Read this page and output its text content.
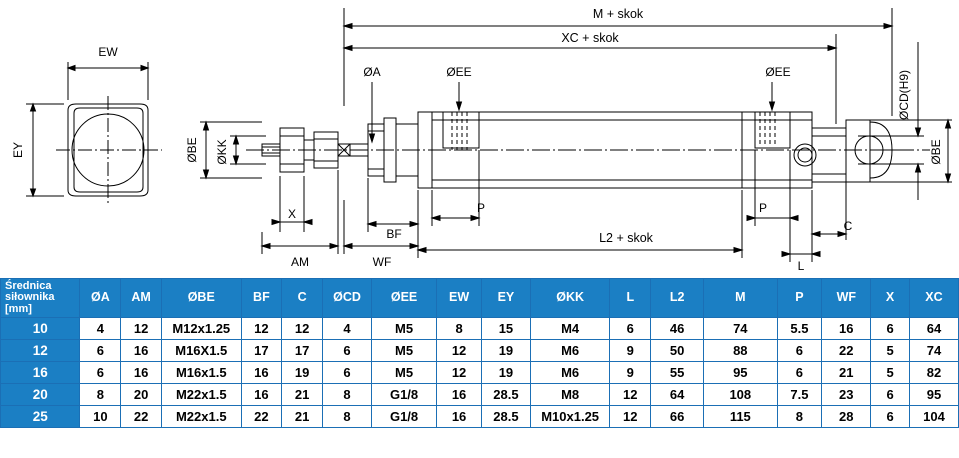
M + skok
XC + skok
ØA	ØEE	ØEE
EW
EY	ØBE ØKK
ØCD(H9)
ØBE
X
AM
BF
WF
P
L2 + skok
P
L
C
Średnica
siłownika
[mm]	ØA	AM	ØBE	BF	C	ØCD	ØEE	EW	EY	ØKK	L	L2	M	P	WF	X	XC
10	4	12	M12x1.25	12	12	4	M5	8	15	M4	6	46	74	5.5	16	6	64
12	6	16	M16X1.5	17	17	6	M5	12	19	M6	9	50	88	6	22	5	74
16	6	16	M16x1.5	16	19	6	M5	12	19	M6	9	55	95	6	21	5	82
20	8	20	M22x1.5	16	21	8	G1/8	16	28.5	M8	12	64	108	7.5	23	6	95
25	10	22	M22x1.5	22	21	8	G1/8	16	28.5	M10x1.25	12	66	115	8	28	6	104
